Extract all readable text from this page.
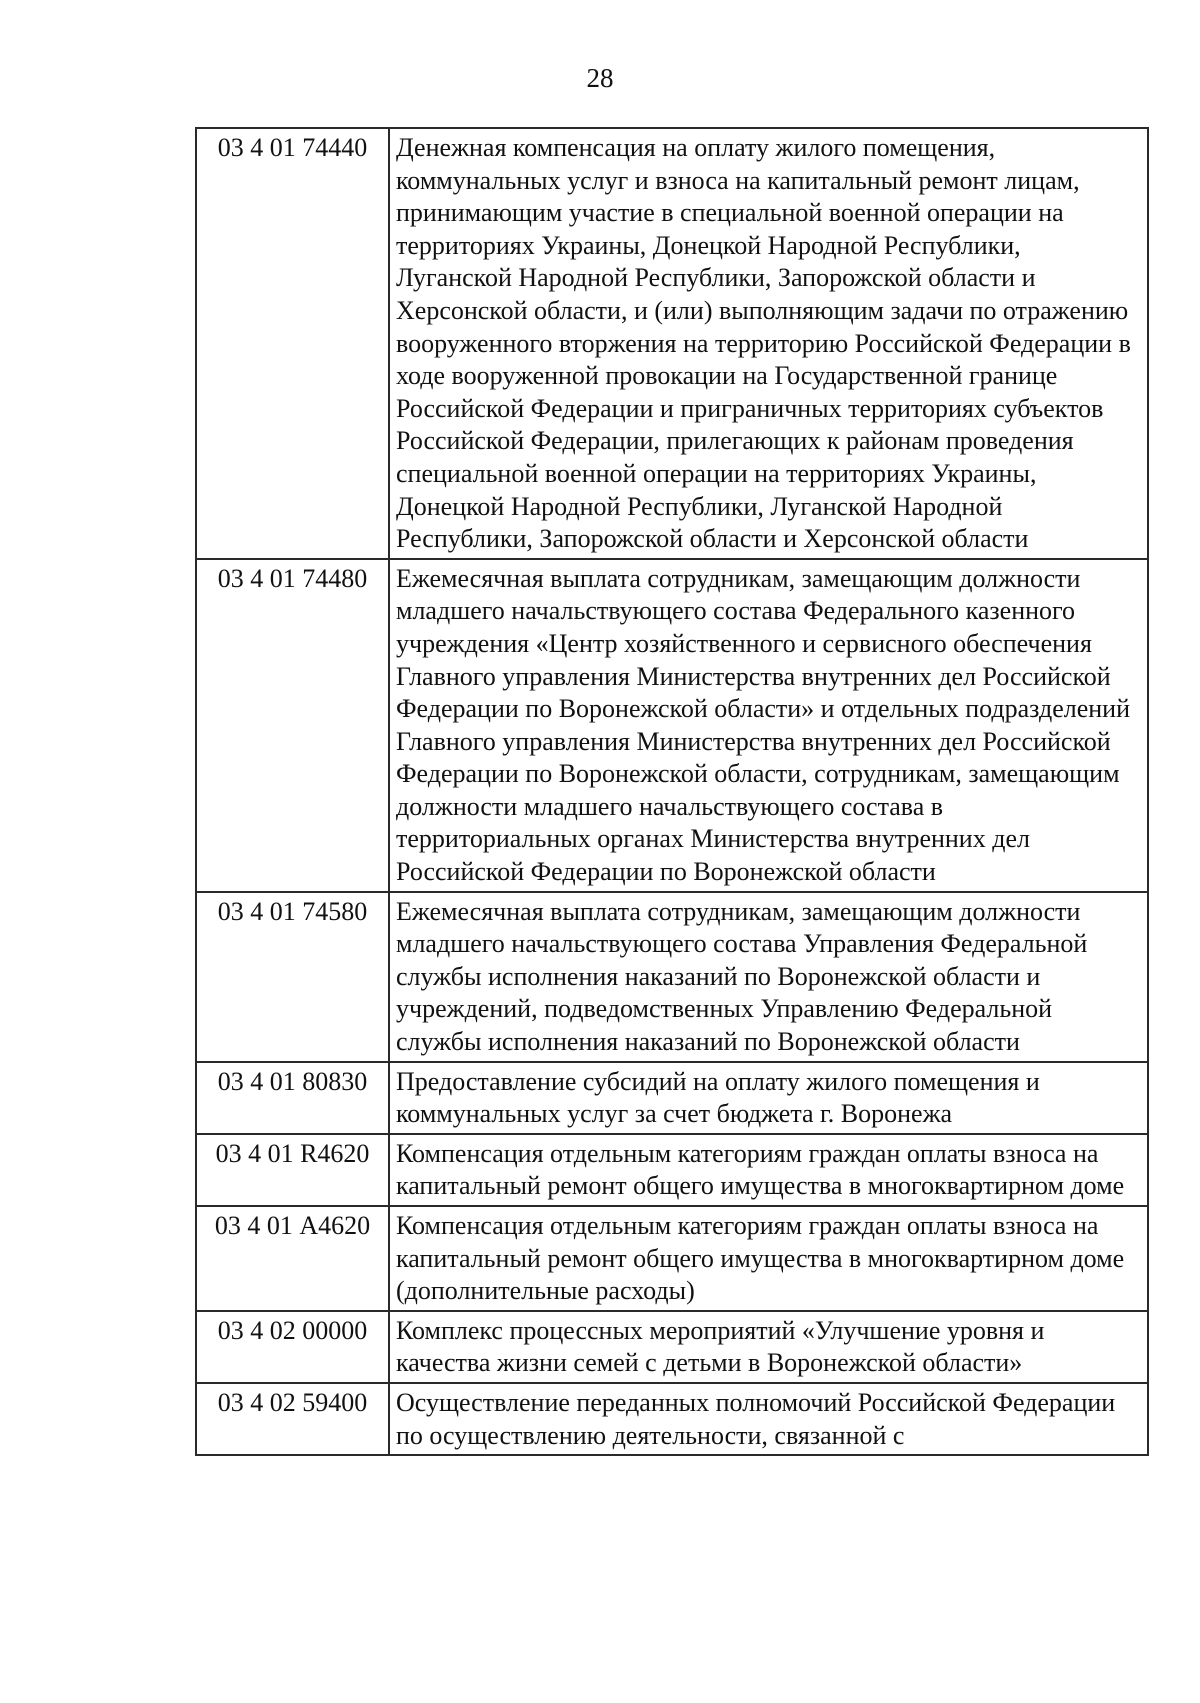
28
03 4 01 74440	Денежная компенсация на оплату жилого помещения, коммунальных услуг и взноса на капитальный ремонт лицам, принимающим участие в специальной военной операции на территориях Украины, Донецкой Народной Республики, Луганской Народной Республики, Запорожской области и Херсонской области, и (или) выполняющим задачи по отражению вооруженного вторжения на территорию Российской Федерации в ходе вооруженной провокации на Государственной границе Российской Федерации и приграничных территориях субъектов Российской Федерации, прилегающих к районам проведения специальной военной операции на территориях Украины, Донецкой Народной Республики, Луганской Народной Республики, Запорожской области и Херсонской области
03 4 01 74480	Ежемесячная выплата сотрудникам, замещающим должности младшего начальствующего состава Федерального казенного учреждения «Центр хозяйственного и сервисного обеспечения Главного управления Министерства внутренних дел Российской Федерации по Воронежской области» и отдельных подразделений Главного управления Министерства внутренних дел Российской Федерации по Воронежской области, сотрудникам, замещающим должности младшего начальствующего состава в территориальных органах Министерства внутренних дел Российской Федерации по Воронежской области
03 4 01 74580	Ежемесячная выплата сотрудникам, замещающим должности младшего начальствующего состава Управления Федеральной службы исполнения наказаний по Воронежской области и учреждений, подведомственных Управлению Федеральной службы исполнения наказаний по Воронежской области
03 4 01 80830	Предоставление субсидий на оплату жилого помещения и коммунальных услуг за счет бюджета г. Воронежа
03 4 01 R4620	Компенсация отдельным категориям граждан оплаты взноса на капитальный ремонт общего имущества в многоквартирном доме
03 4 01 А4620	Компенсация отдельным категориям граждан оплаты взноса на капитальный ремонт общего имущества в многоквартирном доме (дополнительные расходы)
03 4 02 00000	Комплекс процессных мероприятий «Улучшение уровня и качества жизни семей с детьми в Воронежской области»
03 4 02 59400	Осуществление переданных полномочий Российской Федерации по осуществлению деятельности, связанной с
